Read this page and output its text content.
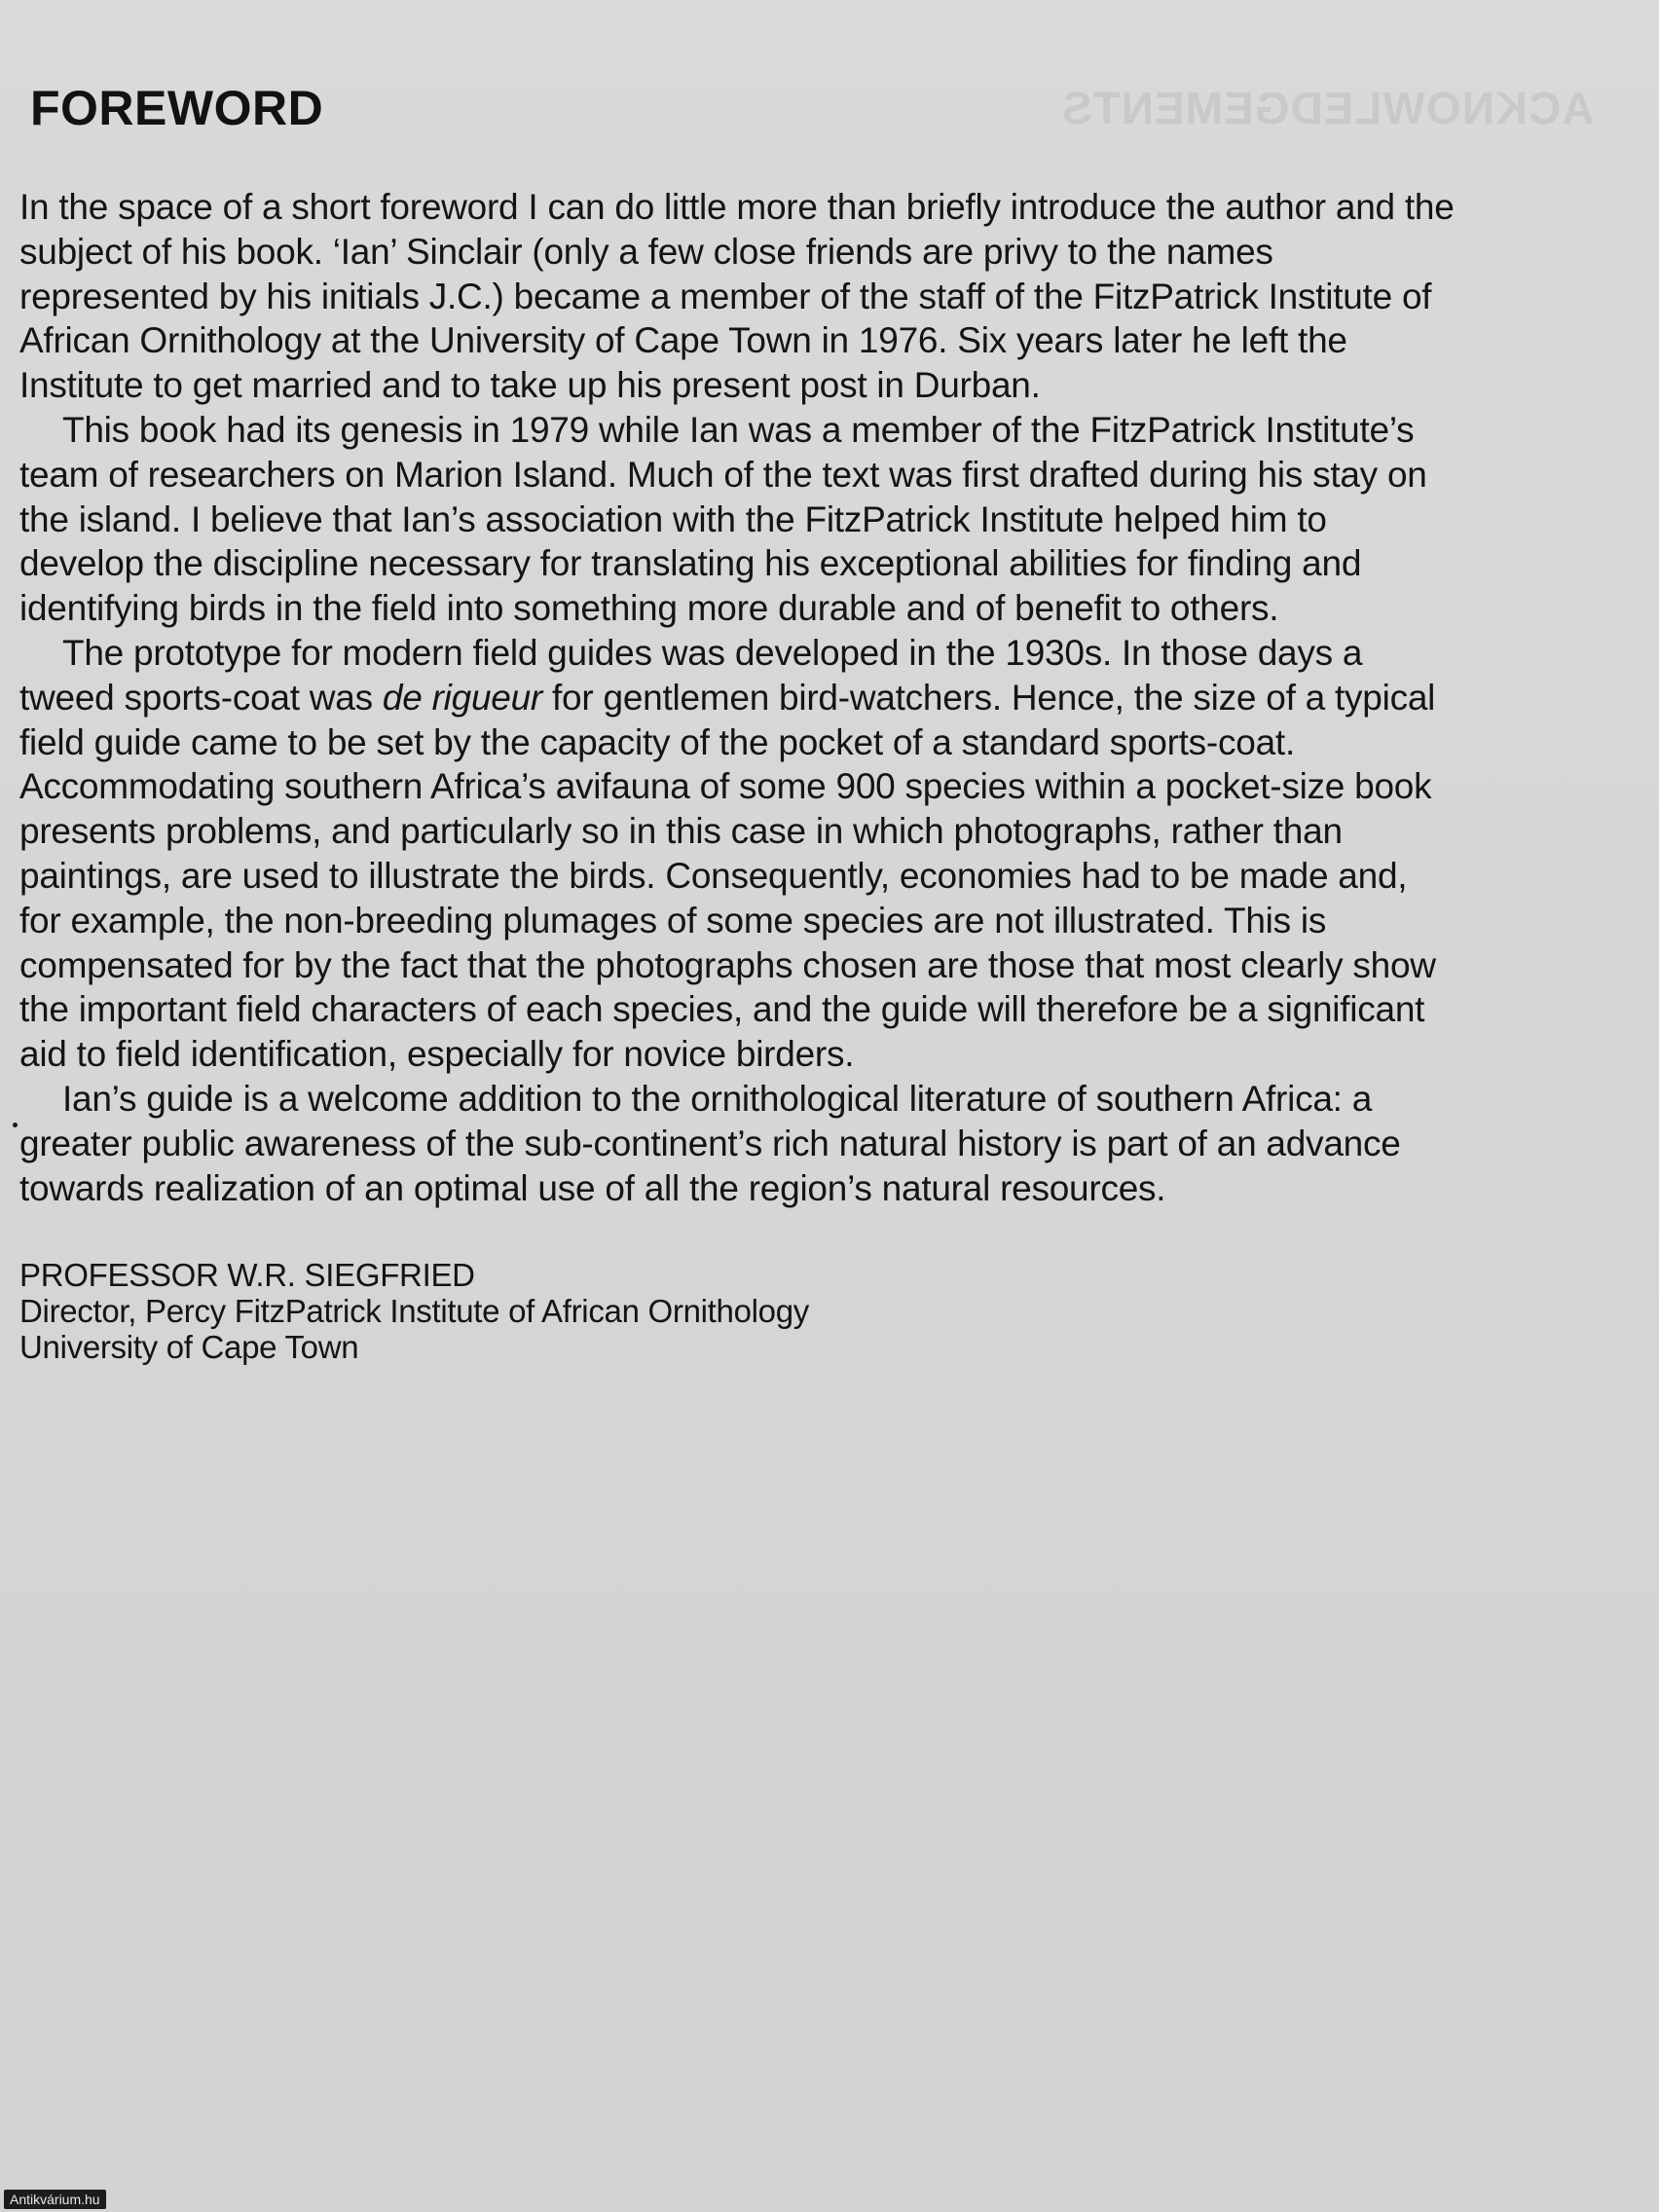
ACKNOWLEDGEMENTS
FOREWORD
In the space of a short foreword I can do little more than briefly introduce the author and the
subject of his book. ‘Ian’ Sinclair (only a few close friends are privy to the names
represented by his initials J.C.) became a member of the staff of the FitzPatrick Institute of
African Ornithology at the University of Cape Town in 1976. Six years later he left the
Institute to get married and to take up his present post in Durban.
This book had its genesis in 1979 while Ian was a member of the FitzPatrick Institute’s
team of researchers on Marion Island. Much of the text was first drafted during his stay on
the island. I believe that Ian’s association with the FitzPatrick Institute helped him to
develop the discipline necessary for translating his exceptional abilities for finding and
identifying birds in the field into something more durable and of benefit to others.
The prototype for modern field guides was developed in the 1930s. In those days a
tweed sports-coat was de rigueur for gentlemen bird-watchers. Hence, the size of a typical
field guide came to be set by the capacity of the pocket of a standard sports-coat.
Accommodating southern Africa’s avifauna of some 900 species within a pocket-size book
presents problems, and particularly so in this case in which photographs, rather than
paintings, are used to illustrate the birds. Consequently, economies had to be made and,
for example, the non-breeding plumages of some species are not illustrated. This is
compensated for by the fact that the photographs chosen are those that most clearly show
the important field characters of each species, and the guide will therefore be a significant
aid to field identification, especially for novice birders.
Ian’s guide is a welcome addition to the ornithological literature of southern Africa: a
greater public awareness of the sub-continent’s rich natural history is part of an advance
towards realization of an optimal use of all the region’s natural resources.
PROFESSOR W.R. SIEGFRIED
Director, Percy FitzPatrick Institute of African Ornithology
University of Cape Town
Antikvárium.hu
